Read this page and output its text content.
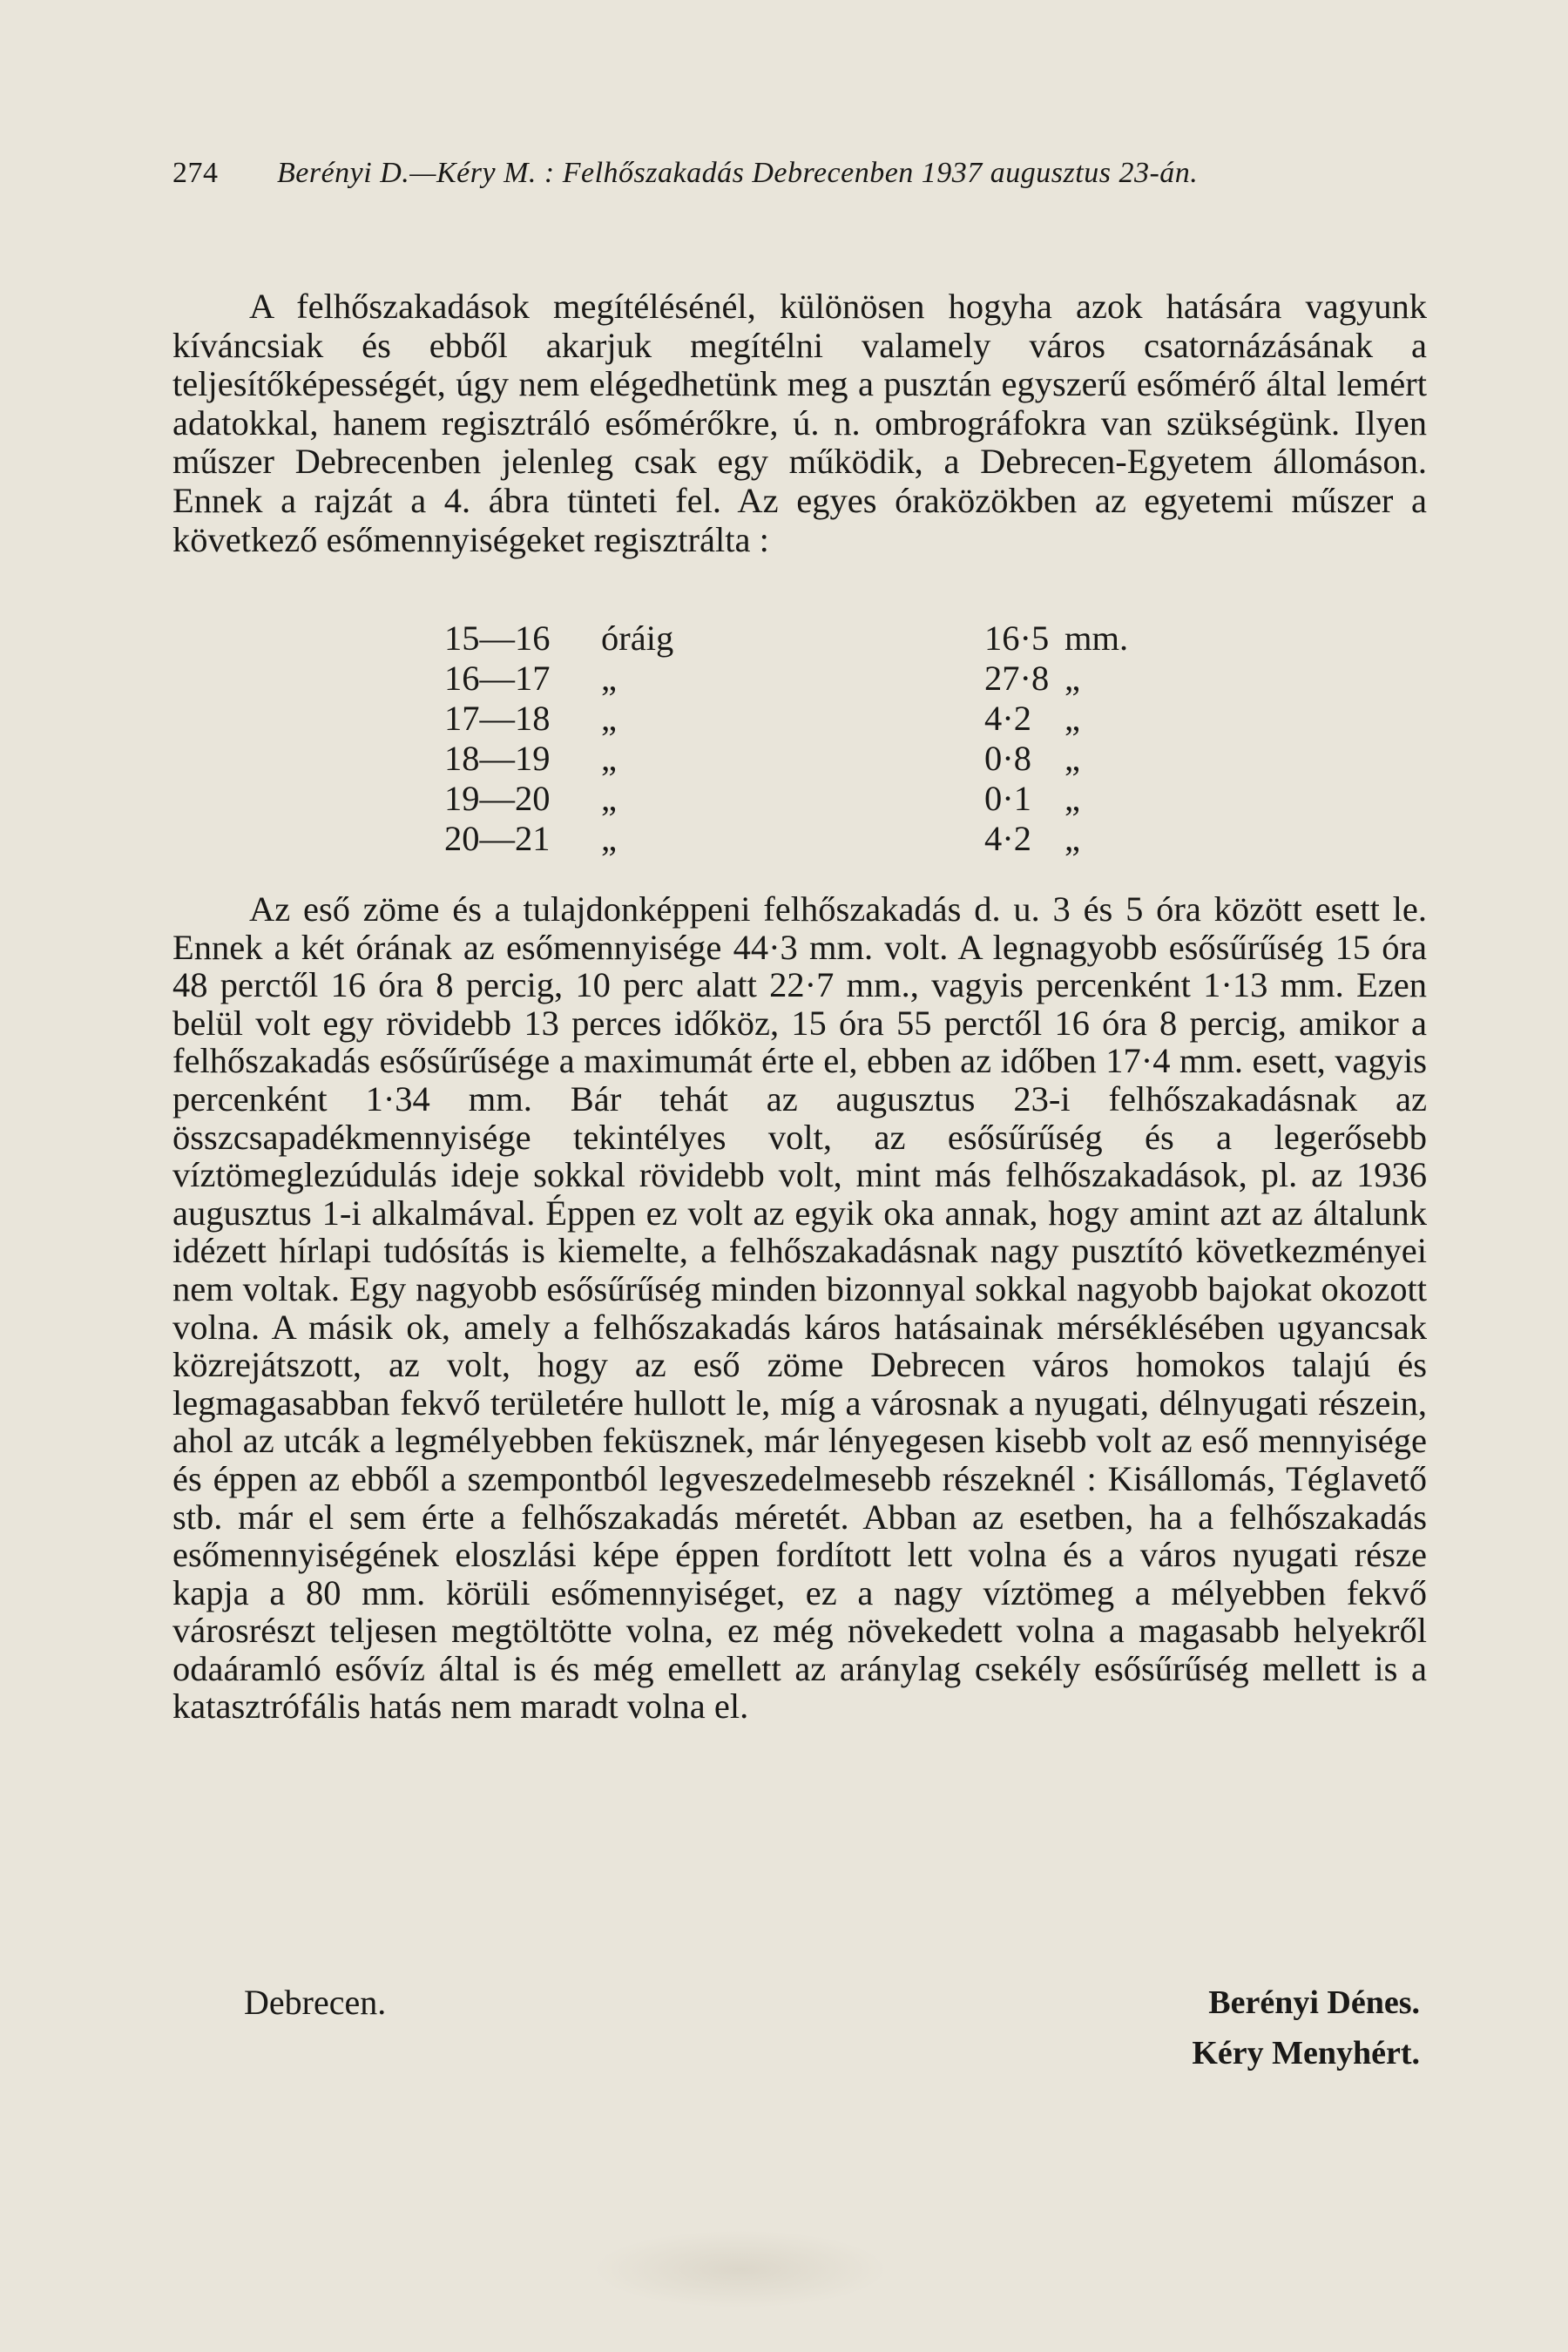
274 Berényi D.—Kéry M. : Felhőszakadás Debrecenben 1937 augusztus 23-án.
A felhőszakadások megítélésénél, különösen hogyha azok hatására vagyunk kíváncsiak és ebből akarjuk megítélni valamely város csatornázásának a teljesítőképességét, úgy nem elégedhetünk meg a pusztán egyszerű esőmérő által lemért adatokkal, hanem regisztráló esőmérőkre, ú. n. ombrográfokra van szükségünk. Ilyen műszer Debrecenben jelenleg csak egy működik, a Debrecen-Egyetem állomáson. Ennek a rajzát a 4. ábra tünteti fel. Az egyes óraközökben az egyetemi műszer a következő esőmennyiségeket regisztrálta :
15—16	óráig	16·5 mm.
16—17	„	27·8 „
17—18	„	4·2 „
18—19	„	0·8 „
19—20	„	0·1 „
20—21	„	4·2 „
Az eső zöme és a tulajdonképpeni felhőszakadás d. u. 3 és 5 óra között esett le. Ennek a két órának az esőmennyisége 44·3 mm. volt. A legnagyobb esősűrűség 15 óra 48 perctől 16 óra 8 percig, 10 perc alatt 22·7 mm., vagyis percenként 1·13 mm. Ezen belül volt egy rövidebb 13 perces időköz, 15 óra 55 perctől 16 óra 8 percig, amikor a felhőszakadás esősűrűsége a maximumát érte el, ebben az időben 17·4 mm. esett, vagyis percenként 1·34 mm. Bár tehát az augusztus 23-i felhőszakadásnak az összcsapadékmennyisége tekintélyes volt, az esősűrűség és a legerősebb víztömeglezúdulás ideje sokkal rövidebb volt, mint más felhőszakadások, pl. az 1936 augusztus 1-i alkalmával. Éppen ez volt az egyik oka annak, hogy amint azt az általunk idézett hírlapi tudósítás is kiemelte, a felhőszakadásnak nagy pusztító következményei nem voltak. Egy nagyobb esősűrűség minden bizonnyal sokkal nagyobb bajokat okozott volna. A másik ok, amely a felhőszakadás káros hatásainak mérséklésében ugyancsak közrejátszott, az volt, hogy az eső zöme Debrecen város homokos talajú és legmagasabban fekvő területére hullott le, míg a városnak a nyugati, délnyugati részein, ahol az utcák a legmélyebben feküsznek, már lényegesen kisebb volt az eső mennyisége és éppen az ebből a szempontból legveszedelmesebb részeknél : Kisállomás, Téglavető stb. már el sem érte a felhőszakadás méretét. Abban az esetben, ha a felhőszakadás esőmennyiségének eloszlási képe éppen fordított lett volna és a város nyugati része kapja a 80 mm. körüli esőmennyiséget, ez a nagy víztömeg a mélyebben fekvő városrészt teljesen megtöltötte volna, ez még növekedett volna a magasabb helyekről odaáramló esővíz által is és még emellett az aránylag csekély esősűrűség mellett is a katasztrófális hatás nem maradt volna el.
Debrecen.	Berényi Dénes.
Kéry Menyhért.
